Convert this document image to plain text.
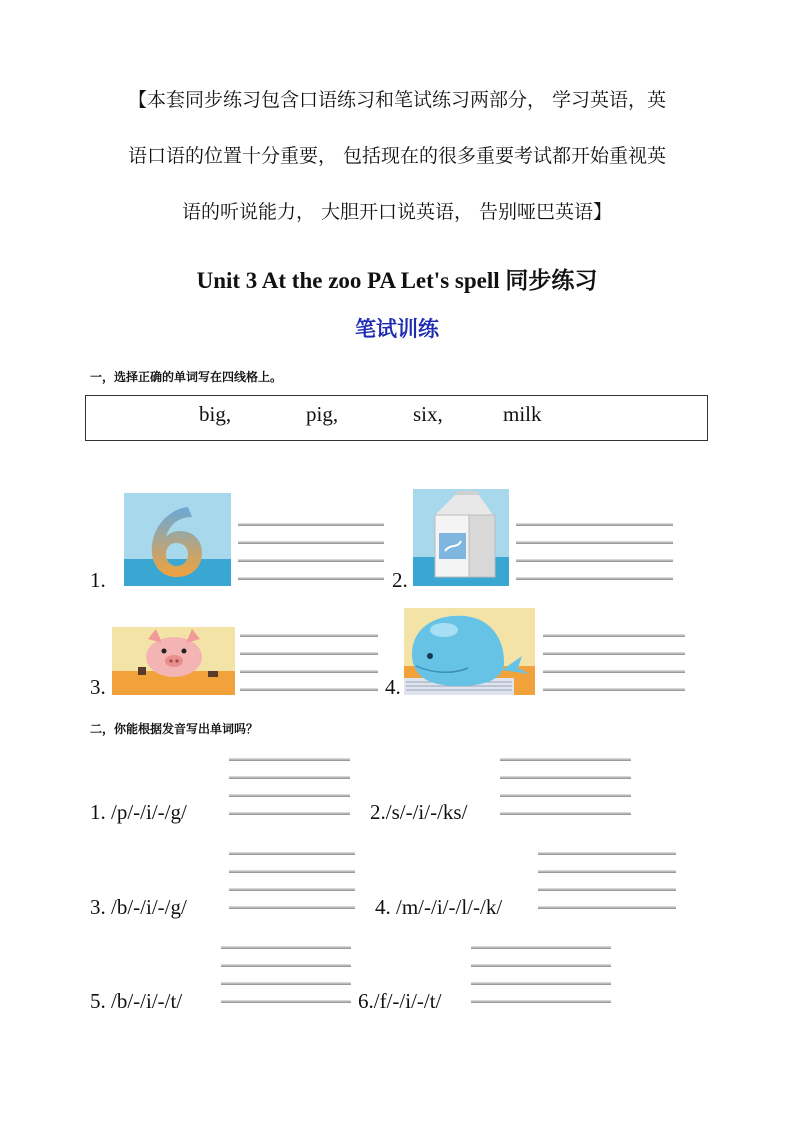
【本套同步练习包含口语练习和笔试练习两部分， 学习英语，英
语口语的位置十分重要， 包括现在的很多重要考试都开始重视英
语的听说能力， 大胆开口说英语， 告别哑巴英语】

Unit 3 At the zoo PA Let's spell 同步练习
笔试训练

一，选择正确的单词写在四线格上。

big,	pig,	six,	milk
1.	2.
3.	4.

二，你能根据发音写出单词吗？

1. /p/-/i/-/g/	2./s/-/i/-/ks/
3. /b/-/i/-/g/	4. /m/-/i/-/l/-/k/
5. /b/-/i/-/t/	6./f/-/i/-/t/
